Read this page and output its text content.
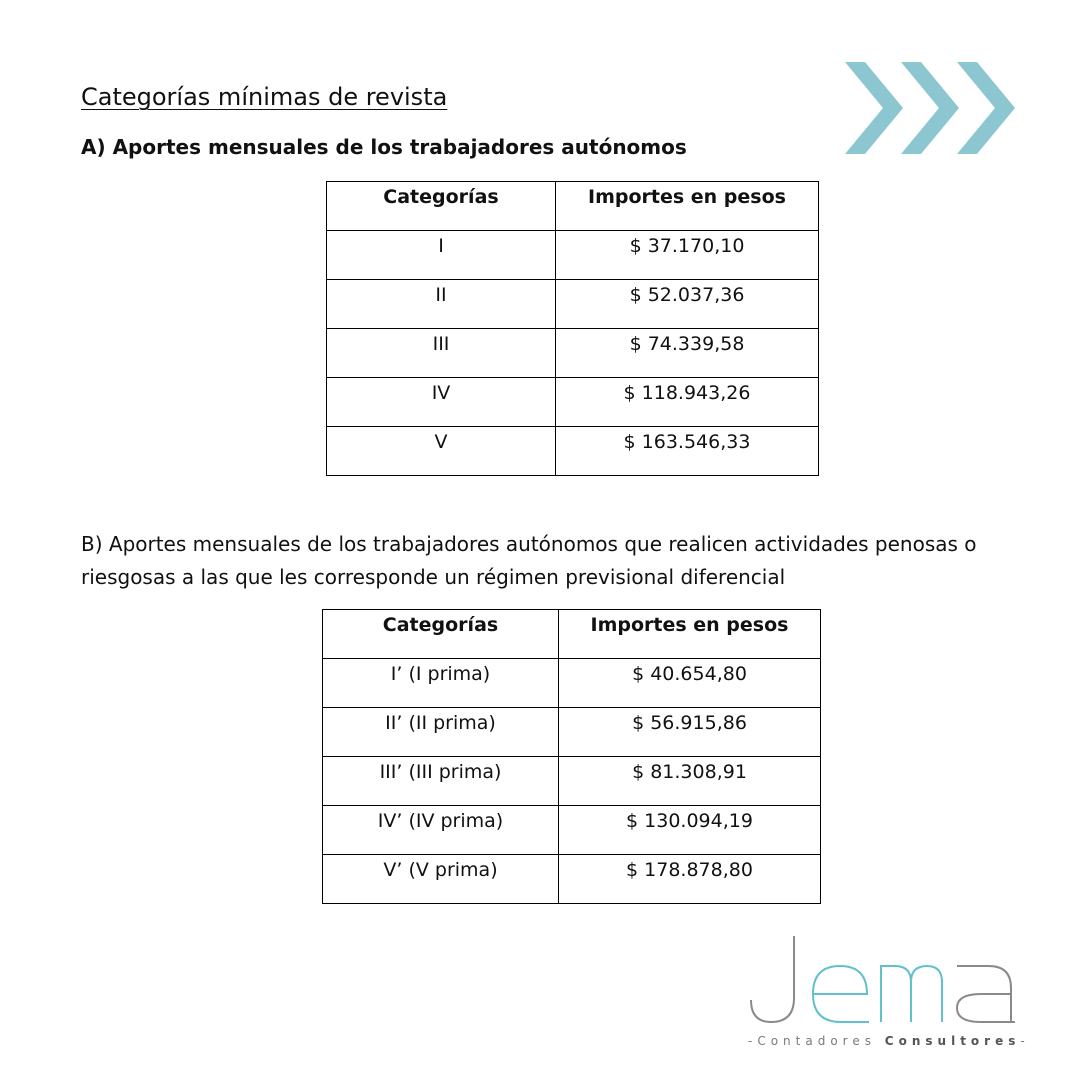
Categorías mínimas de revista
A) Aportes mensuales de los trabajadores autónomos
Categorías	Importes en pesos
I	$ 37.170,10
II	$ 52.037,36
III	$ 74.339,58
IV	$ 118.943,26
V	$ 163.546,33

B) Aportes mensuales de los trabajadores autónomos que realicen actividades penosas o riesgosas a las que les corresponde un régimen previsional diferencial

Categorías	Importes en pesos
I’ (I prima)	$ 40.654,80
II’ (II prima)	$ 56.915,86
III’ (III prima)	$ 81.308,91
IV’ (IV prima)	$ 130.094,19
V’ (V prima)	$ 178.878,80
-Contadores Consultores-
